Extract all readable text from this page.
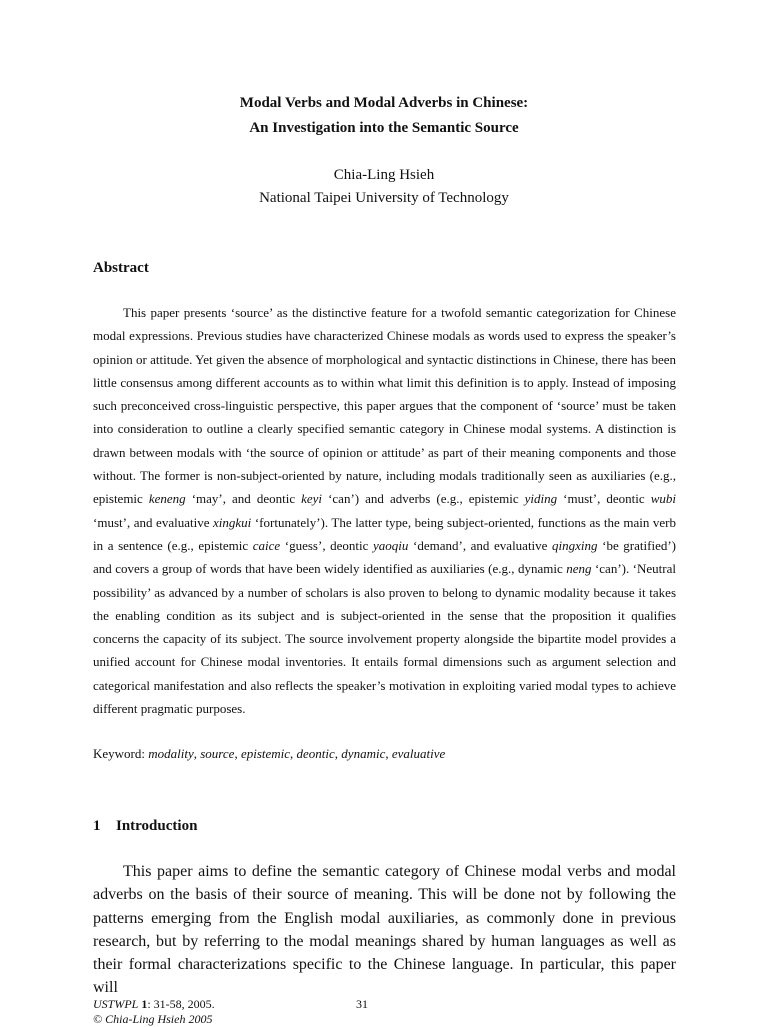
Modal Verbs and Modal Adverbs in Chinese:
An Investigation into the Semantic Source
Chia-Ling Hsieh
National Taipei University of Technology
Abstract

This paper presents ‘source’ as the distinctive feature for a twofold semantic categorization for Chinese modal expressions. Previous studies have characterized Chinese modals as words used to express the speaker’s opinion or attitude. Yet given the absence of morphological and syntactic distinctions in Chinese, there has been little consensus among different accounts as to within what limit this definition is to apply. Instead of imposing such preconceived cross-linguistic perspective, this paper argues that the component of ‘source’ must be taken into consideration to outline a clearly specified semantic category in Chinese modal systems. A distinction is drawn between modals with ‘the source of opinion or attitude’ as part of their meaning components and those without. The former is non-subject-oriented by nature, including modals traditionally seen as auxiliaries (e.g., epistemic keneng ‘may’, and deontic keyi ‘can’) and adverbs (e.g., epistemic yiding ‘must’, deontic wubi ‘must’, and evaluative xingkui ‘fortunately’). The latter type, being subject-oriented, functions as the main verb in a sentence (e.g., epistemic caice ‘guess’, deontic yaoqiu ‘demand’, and evaluative qingxing ‘be gratified’) and covers a group of words that have been widely identified as auxiliaries (e.g., dynamic neng ‘can’). ‘Neutral possibility’ as advanced by a number of scholars is also proven to belong to dynamic modality because it takes the enabling condition as its subject and is subject-oriented in the sense that the proposition it qualifies concerns the capacity of its subject. The source involvement property alongside the bipartite model provides a unified account for Chinese modal inventories. It entails formal dimensions such as argument selection and categorical manifestation and also reflects the speaker’s motivation in exploiting varied modal types to achieve different pragmatic purposes.

Keyword: modality, source, epistemic, deontic, dynamic, evaluative

1 Introduction

This paper aims to define the semantic category of Chinese modal verbs and modal adverbs on the basis of their source of meaning. This will be done not by following the patterns emerging from the English modal auxiliaries, as commonly done in previous research, but by referring to the modal meanings shared by human languages as well as their formal characterizations specific to the Chinese language. In particular, this paper will

USTWPL 1: 31-58, 2005.
© Chia-Ling Hsieh 2005
31
